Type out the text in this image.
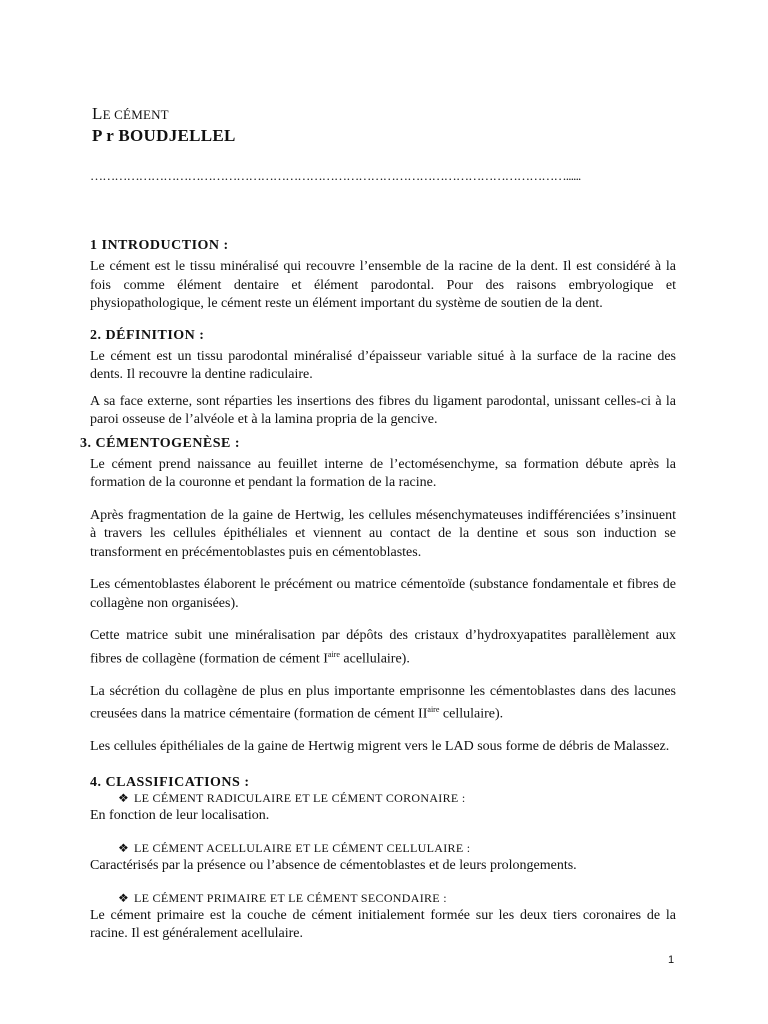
LE CÉMENT
P r BOUDJELLEL
………………………………………………………………………………………………………......
1 INTRODUCTION :
Le cément est le tissu minéralisé qui recouvre l’ensemble de la racine de la dent. Il est considéré à la fois comme élément dentaire et élément parodontal. Pour des raisons embryologique et physiopathologique, le cément reste un élément important du système de soutien de la dent.
2. DÉFINITION :
Le cément est un tissu parodontal minéralisé d’épaisseur variable situé à la surface de la racine des dents. Il recouvre la dentine radiculaire.
A sa face externe, sont réparties les insertions des fibres du ligament parodontal, unissant celles-ci à la paroi osseuse de l’alvéole et à la lamina propria de la gencive.
3. CÉMENTOGENÈSE :
Le cément prend naissance au feuillet interne de l’ectomésenchyme, sa formation débute après la formation de la couronne et pendant la formation de la racine.
Après fragmentation de la gaine de Hertwig, les cellules mésenchymateuses indifférenciées s’insinuent à travers les cellules épithéliales et viennent au contact de la dentine et sous son induction se transforment en précémentoblastes puis en cémentoblastes.
Les cémentoblastes élaborent le précément ou matrice cémentoïde (substance fondamentale et fibres de collagène non organisées).
Cette matrice subit une minéralisation par dépôts des cristaux d’hydroxyapatites parallèlement aux fibres de collagène (formation de cément $I^{aire}$ acellulaire).
La sécrétion du collagène de plus en plus importante emprisonne les cémentoblastes dans des lacunes creusées dans la matrice cémentaire (formation de cément $II^{aire}$ cellulaire).
Les cellules épithéliales de la gaine de Hertwig migrent vers le LAD sous forme de débris de Malassez.
4. CLASSIFICATIONS :
❖ LE CÉMENT RADICULAIRE ET LE CÉMENT CORONAIRE :
En fonction de leur localisation.
❖ LE CÉMENT ACELLULAIRE ET LE CÉMENT CELLULAIRE :
Caractérisés par la présence ou l’absence de cémentoblastes et de leurs prolongements.
❖ LE CÉMENT PRIMAIRE ET LE CÉMENT SECONDAIRE :
Le cément primaire est la couche de cément initialement formée sur les deux tiers coronaires de la racine. Il est généralement acellulaire.
1
